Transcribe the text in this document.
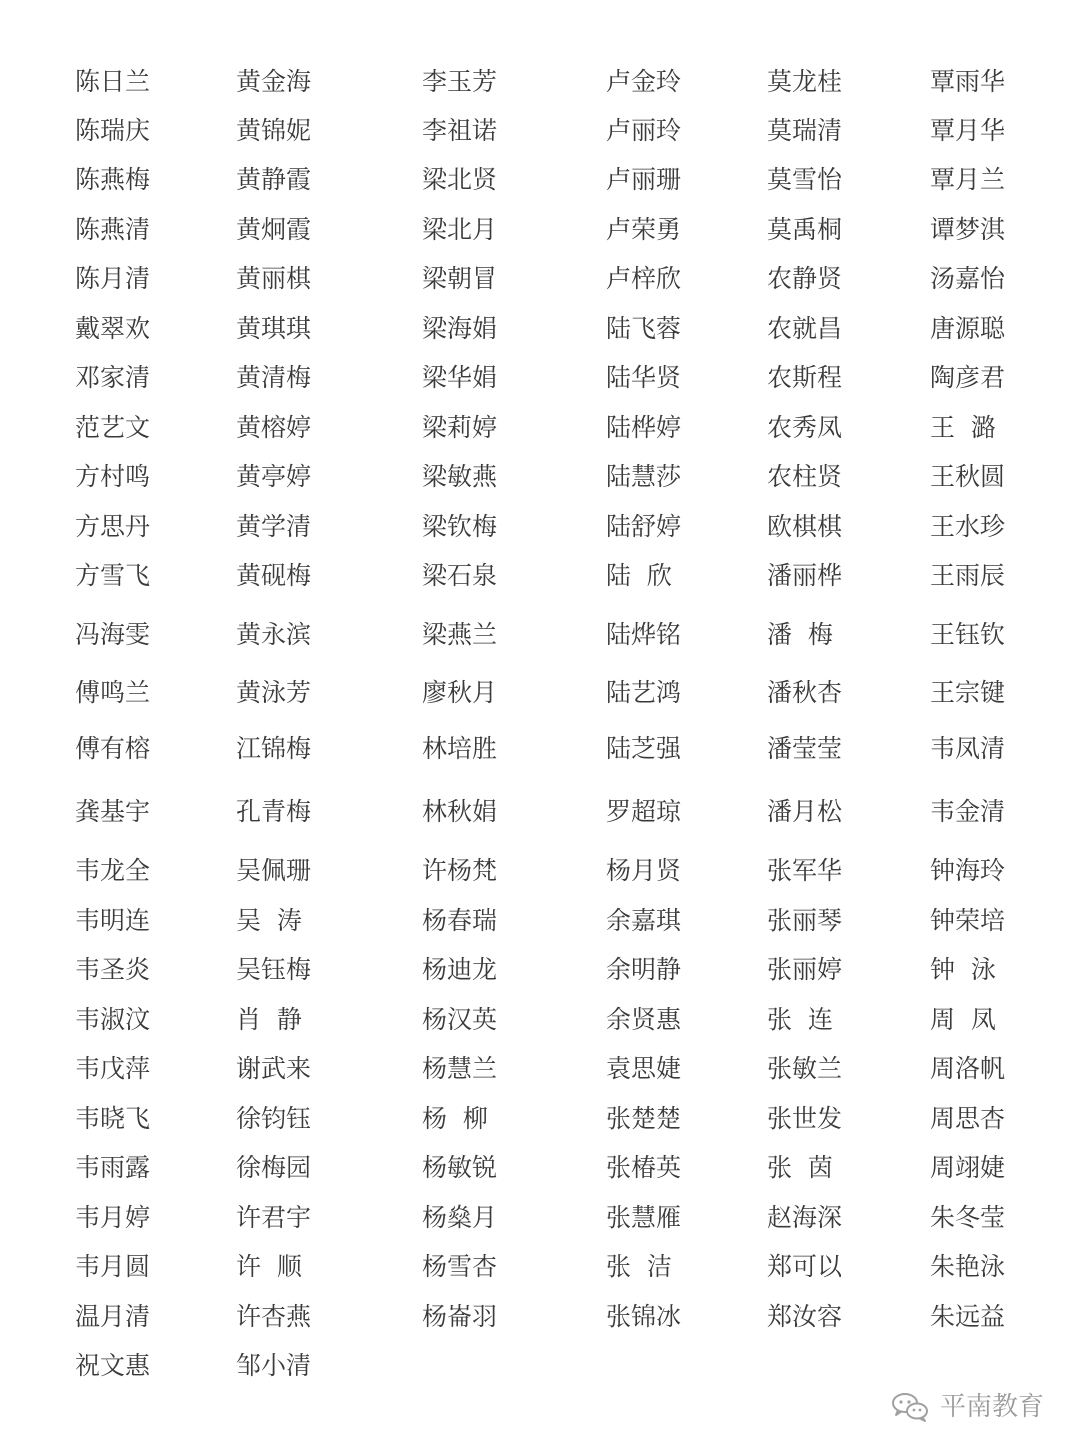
陈日兰	黄金海	李玉芳	卢金玲	莫龙桂	覃雨华
陈瑞庆	黄锦妮	李祖诺	卢丽玲	莫瑞清	覃月华
陈燕梅	黄静霞	梁北贤	卢丽珊	莫雪怡	覃月兰
陈燕清	黄炯霞	梁北月	卢荣勇	莫禹桐	谭梦淇
陈月清	黄丽棋	梁朝冒	卢梓欣	农静贤	汤嘉怡
戴翠欢	黄琪琪	梁海娟	陆飞蓉	农就昌	唐源聪
邓家清	黄清梅	梁华娟	陆华贤	农斯程	陶彦君
范艺文	黄榕婷	梁莉婷	陆桦婷	农秀凤	王  潞
方村鸣	黄亭婷	梁敏燕	陆慧莎	农柱贤	王秋圆
方思丹	黄学清	梁钦梅	陆舒婷	欧棋棋	王水珍
方雪飞	黄砚梅	梁石泉	陆  欣	潘丽桦	王雨辰
冯海雯	黄永滨	梁燕兰	陆烨铭	潘  梅	王钰钦
傅鸣兰	黄泳芳	廖秋月	陆艺鸿	潘秋杏	王宗键
傅有榕	江锦梅	林培胜	陆芝强	潘莹莹	韦凤清
龚基宇	孔青梅	林秋娟	罗超琼	潘月松	韦金清
韦龙全	吴佩珊	许杨梵	杨月贤	张军华	钟海玲
韦明连	吴  涛	杨春瑞	余嘉琪	张丽琴	钟荣培
韦圣炎	吴钰梅	杨迪龙	余明静	张丽婷	钟  泳
韦淑汶	肖  静	杨汉英	余贤惠	张  连	周  凤
韦戊萍	谢武来	杨慧兰	袁思婕	张敏兰	周洛帆
韦晓飞	徐钧钰	杨  柳	张楚楚	张世发	周思杏
韦雨露	徐梅园	杨敏锐	张椿英	张  茵	周翊婕
韦月婷	许君宇	杨燊月	张慧雁	赵海深	朱冬莹
韦月圆	许  顺	杨雪杏	张  洁	郑可以	朱艳泳
温月清	许杏燕	杨崙羽	张锦冰	郑汝容	朱远益
祝文惠	邹小清
平南教育
